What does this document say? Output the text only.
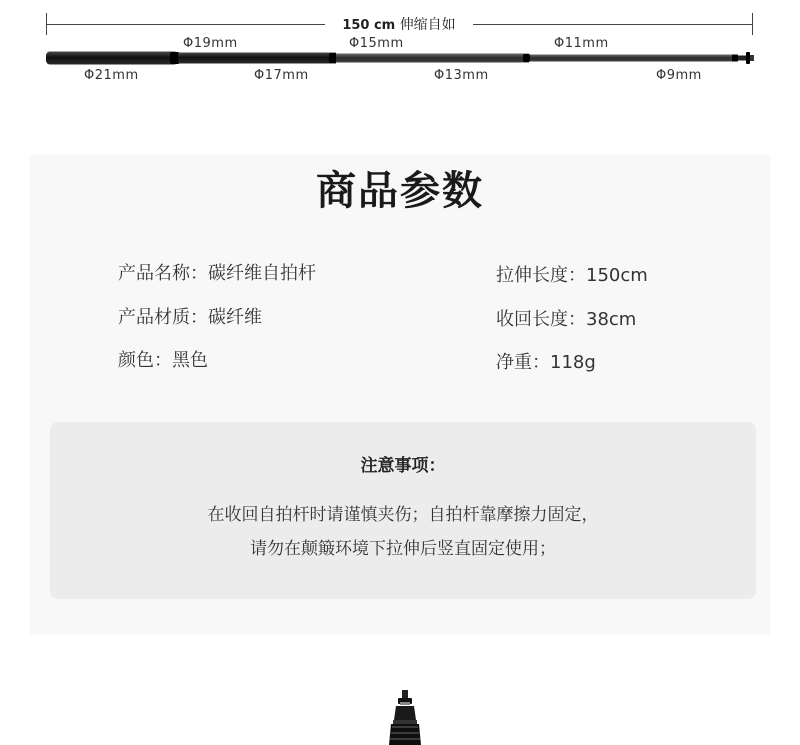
150 cm 伸缩自如
Φ19mm	Φ15mm	Φ11mm
Φ21mm	Φ17mm	Φ13mm	Φ9mm
商品参数
产品名称：碳纤维自拍杆
产品材质：碳纤维
颜色：黑色
拉伸长度：150cm
收回长度：38cm
净重：118g
注意事项：
在收回自拍杆时请谨慎夹伤；自拍杆靠摩擦力固定，
请勿在颠簸环境下拉伸后竖直固定使用；
